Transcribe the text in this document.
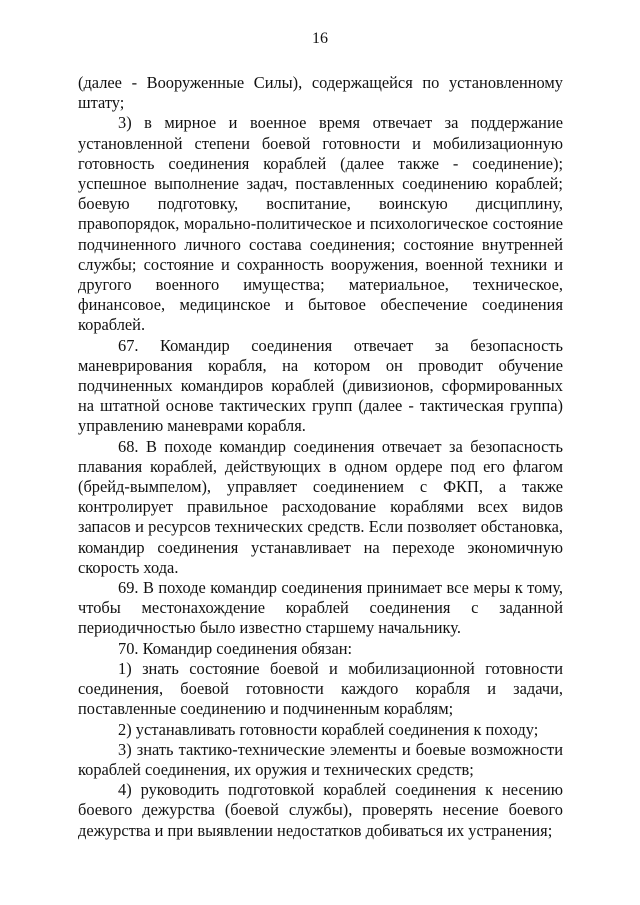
16

(далее - Вооруженные Силы), содержащейся по установленному штату;

3) в мирное и военное время отвечает за поддержание установленной степени боевой готовности и мобилизационную готовность соединения кораблей (далее также - соединение); успешное выполнение задач, поставленных соединению кораблей; боевую подготовку, воспитание, воинскую дисциплину, правопорядок, морально-политическое и психологическое состояние подчиненного личного состава соединения; состояние внутренней службы; состояние и сохранность вооружения, военной техники и другого военного имущества; материальное, техническое, финансовое, медицинское и бытовое обеспечение соединения кораблей.

67. Командир соединения отвечает за безопасность маневрирования корабля, на котором он проводит обучение подчиненных командиров кораблей (дивизионов, сформированных на штатной основе тактических групп (далее - тактическая группа) управлению маневрами корабля.

68. В походе командир соединения отвечает за безопасность плавания кораблей, действующих в одном ордере под его флагом (брейд-вымпелом), управляет соединением с ФКП, а также контролирует правильное расходование кораблями всех видов запасов и ресурсов технических средств. Если позволяет обстановка, командир соединения устанавливает на переходе экономичную скорость хода.

69. В походе командир соединения принимает все меры к тому, чтобы местонахождение кораблей соединения с заданной периодичностью было известно старшему начальнику.

70. Командир соединения обязан:

1) знать состояние боевой и мобилизационной готовности соединения, боевой готовности каждого корабля и задачи, поставленные соединению и подчиненным кораблям;

2) устанавливать готовности кораблей соединения к походу;

3) знать тактико-технические элементы и боевые возможности кораблей соединения, их оружия и технических средств;

4) руководить подготовкой кораблей соединения к несению боевого дежурства (боевой службы), проверять несение боевого дежурства и при выявлении недостатков добиваться их устранения;
